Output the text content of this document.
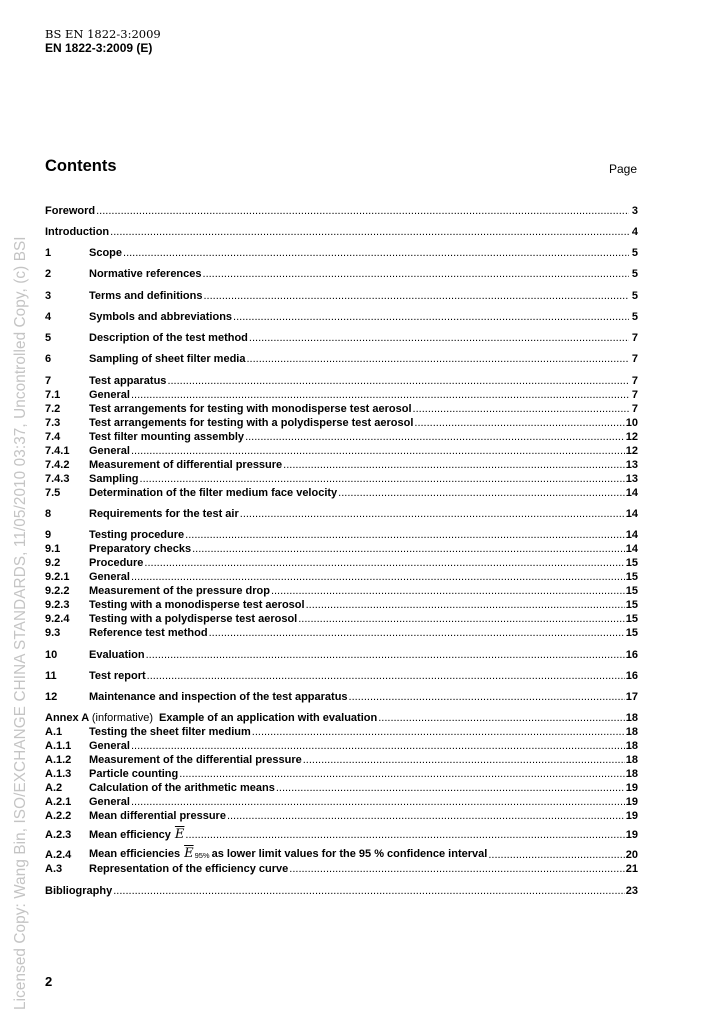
Licensed Copy: Wang Bin, ISO/EXCHANGE CHINA STANDARDS, 11/05/2010 03:37, Uncontrolled Copy, (c) BSI
BS EN 1822-3:2009
EN 1822-3:2009 (E)
Contents	Page
Foreword .....	3
Introduction .....	4
1	Scope .....	5
2	Normative references .....	5
3	Terms and definitions .....	5
4	Symbols and abbreviations .....	5
5	Description of the test method .....	7
6	Sampling of sheet filter media .....	7
7	Test apparatus .....	7
7.1	General .....	7
7.2	Test arrangements for testing with monodisperse test aerosol .....	7
7.3	Test arrangements for testing with a polydisperse test aerosol .....	10
7.4	Test filter mounting assembly .....	12
7.4.1	General .....	12
7.4.2	Measurement of differential pressure .....	13
7.4.3	Sampling .....	13
7.5	Determination of the filter medium face velocity .....	14
8	Requirements for the test air .....	14
9	Testing procedure .....	14
9.1	Preparatory checks .....	14
9.2	Procedure .....	15
9.2.1	General .....	15
9.2.2	Measurement of the pressure drop .....	15
9.2.3	Testing with a monodisperse test aerosol .....	15
9.2.4	Testing with a polydisperse test aerosol .....	15
9.3	Reference test method .....	15
10	Evaluation .....	16
11	Test report .....	16
12	Maintenance and inspection of the test apparatus .....	17
Annex A (informative) Example of an application with evaluation .....	18
A.1	Testing the sheet filter medium .....	18
A.1.1	General .....	18
A.1.2	Measurement of the differential pressure .....	18
A.1.3	Particle counting .....	18
A.2	Calculation of the arithmetic means .....	19
A.2.1	General .....	19
A.2.2	Mean differential pressure .....	19
A.2.3	Mean efficiency $\overline{E}$ .....	19
A.2.4	Mean efficiencies $\overline{E}95\%$ as lower limit values for the 95 % confidence interval .....	20
A.3	Representation of the efficiency curve .....	21
Bibliography .....	23
2
